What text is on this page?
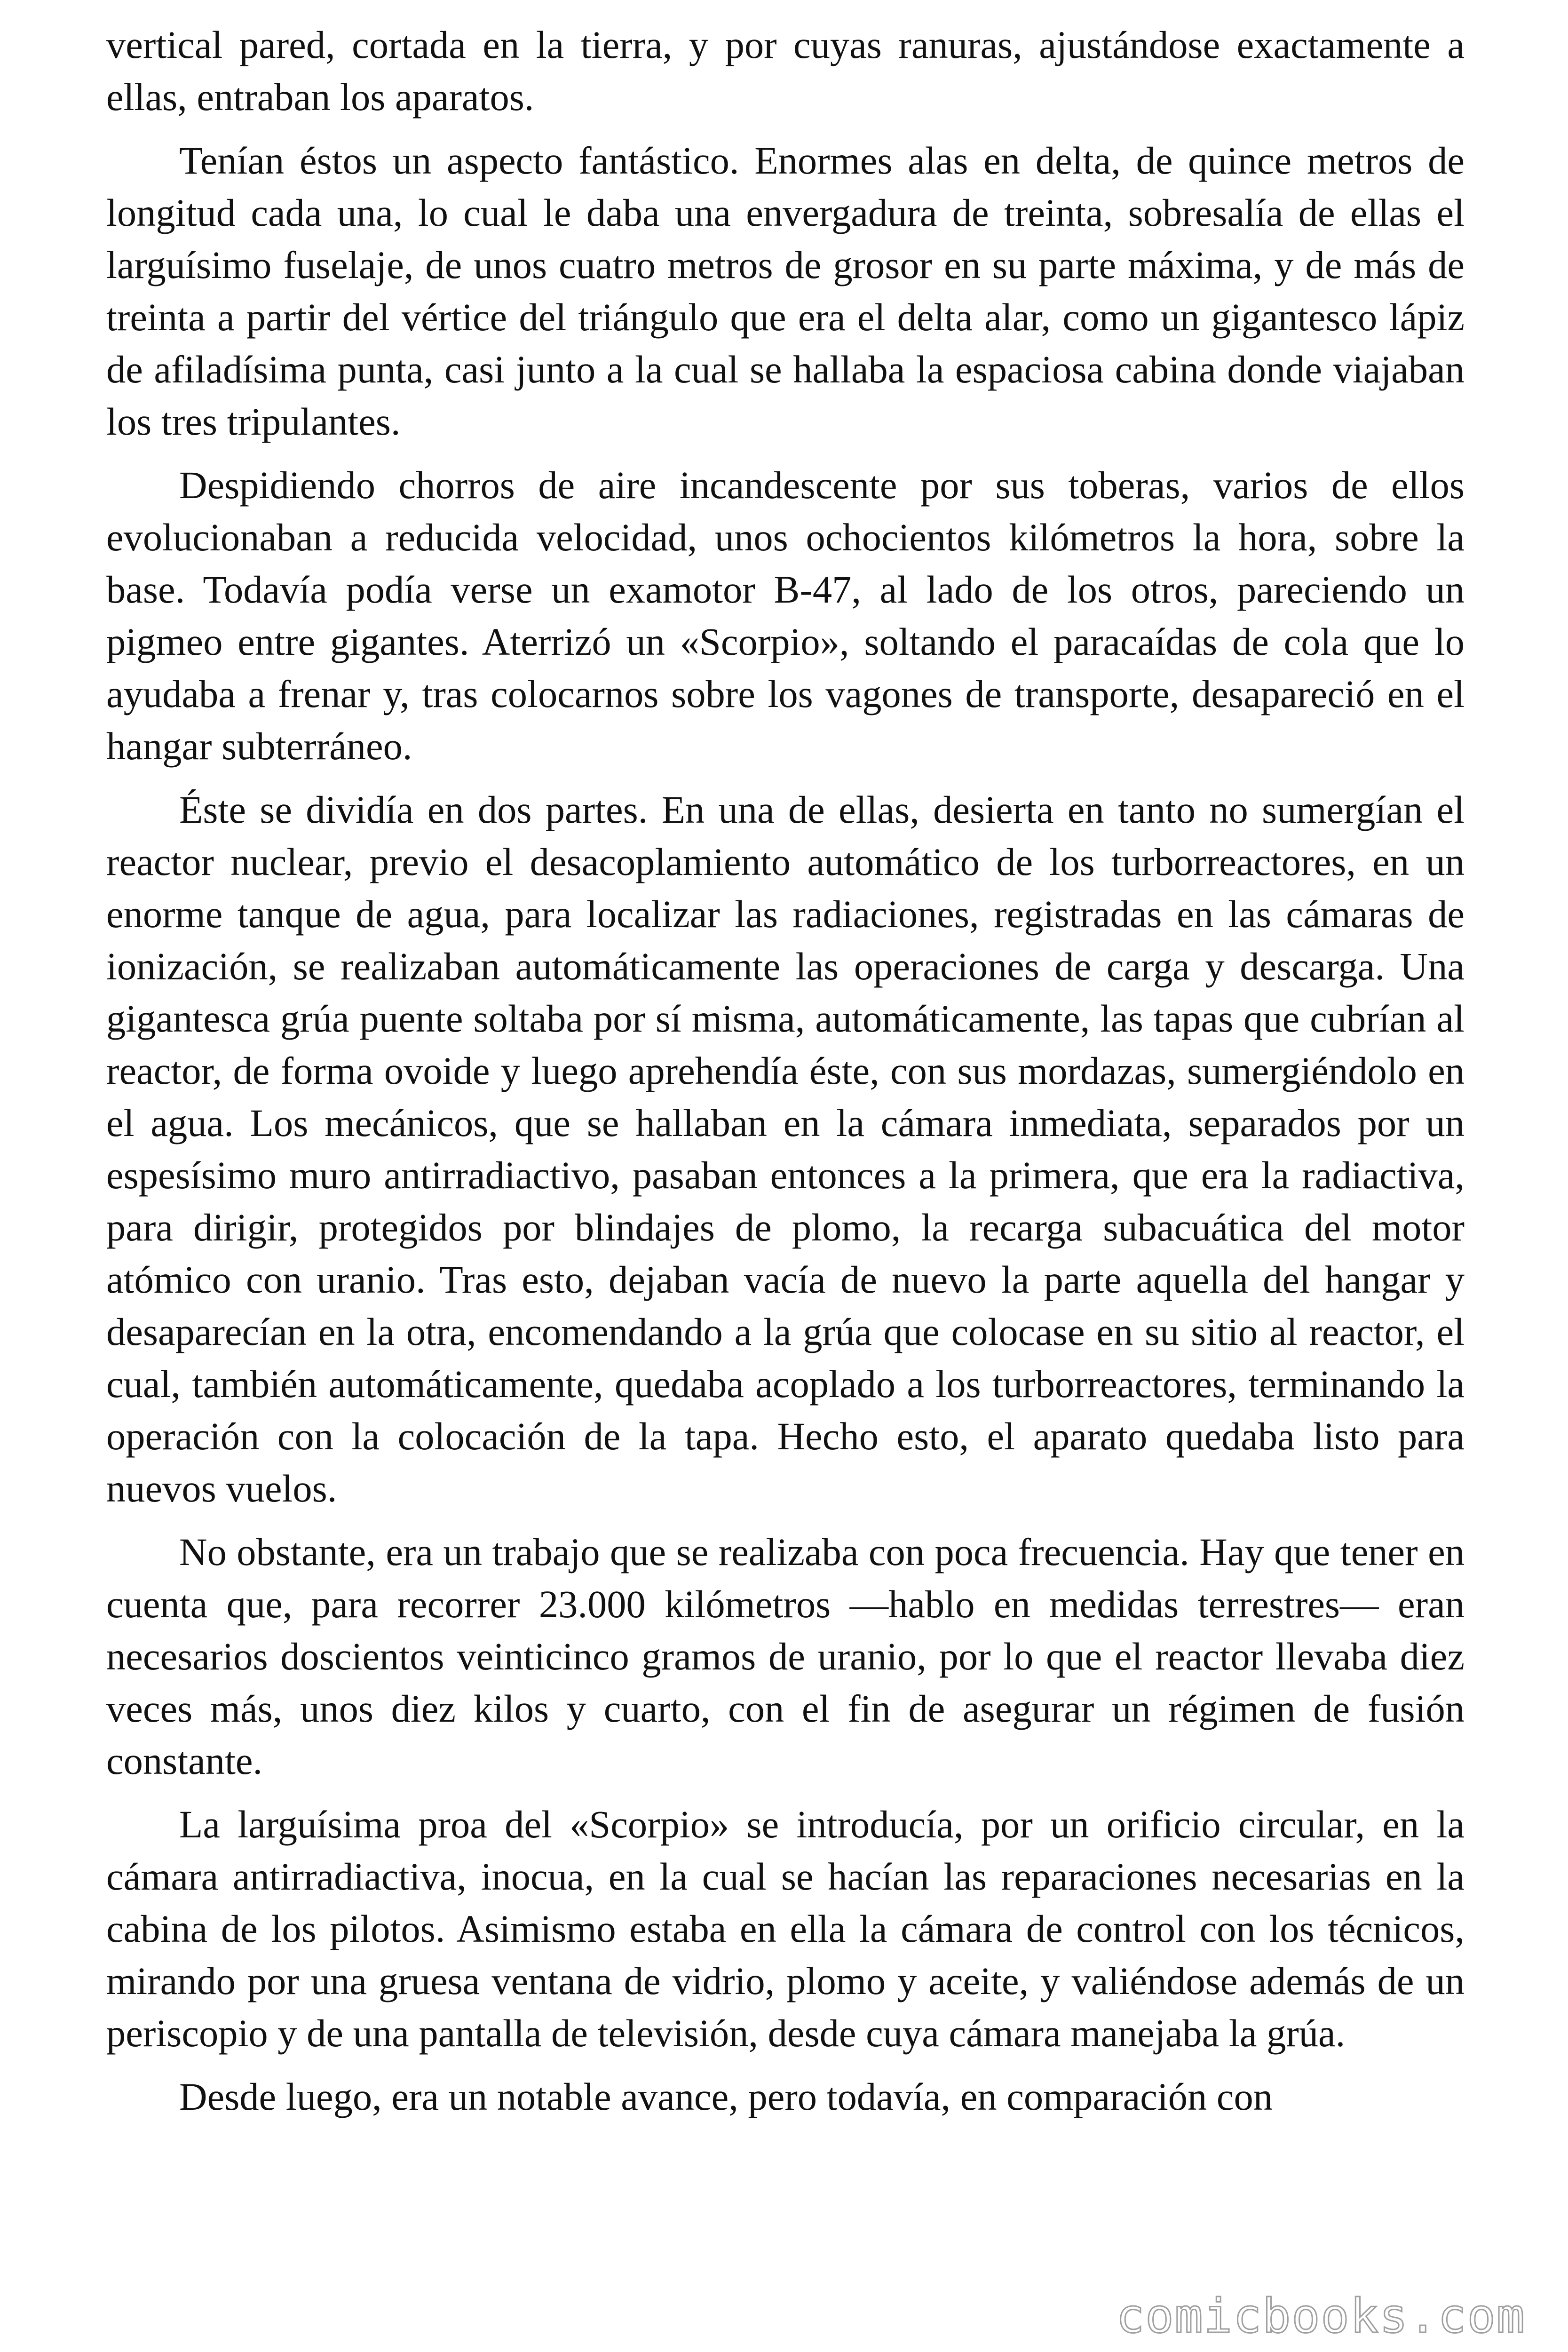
vertical pared, cortada en la tierra, y por cuyas ranuras, ajustándose exactamente a ellas, entraban los aparatos.

Tenían éstos un aspecto fantástico. Enormes alas en delta, de quince metros de longitud cada una, lo cual le daba una envergadura de treinta, sobresalía de ellas el larguísimo fuselaje, de unos cuatro metros de grosor en su parte máxima, y de más de treinta a partir del vértice del triángulo que era el delta alar, como un gigantesco lápiz de afiladísima punta, casi junto a la cual se hallaba la espaciosa cabina donde viajaban los tres tripulantes.

Despidiendo chorros de aire incandescente por sus toberas, varios de ellos evolucionaban a reducida velocidad, unos ochocientos kilómetros la hora, sobre la base. Todavía podía verse un examotor B-47, al lado de los otros, pareciendo un pigmeo entre gigantes. Aterrizó un «Scorpio», soltando el paracaídas de cola que lo ayudaba a frenar y, tras colocarnos sobre los vagones de transporte, desapareció en el hangar subterráneo.

Éste se dividía en dos partes. En una de ellas, desierta en tanto no sumergían el reactor nuclear, previo el desacoplamiento automático de los turborreactores, en un enorme tanque de agua, para localizar las radiaciones, registradas en las cámaras de ionización, se realizaban automáticamente las operaciones de carga y descarga. Una gigantesca grúa puente soltaba por sí misma, automáticamente, las tapas que cubrían al reactor, de forma ovoide y luego aprehendía éste, con sus mordazas, sumergiéndolo en el agua. Los mecánicos, que se hallaban en la cámara inmediata, separados por un espesísimo muro antirradiactivo, pasaban entonces a la primera, que era la radiactiva, para dirigir, protegidos por blindajes de plomo, la recarga subacuática del motor atómico con uranio. Tras esto, dejaban vacía de nuevo la parte aquella del hangar y desaparecían en la otra, encomendando a la grúa que colocase en su sitio al reactor, el cual, también automáticamente, quedaba acoplado a los turborreactores, terminando la operación con la colocación de la tapa. Hecho esto, el aparato quedaba listo para nuevos vuelos.

No obstante, era un trabajo que se realizaba con poca frecuencia. Hay que tener en cuenta que, para recorrer 23.000 kilómetros —hablo en medidas terrestres— eran necesarios doscientos veinticinco gramos de uranio, por lo que el reactor llevaba diez veces más, unos diez kilos y cuarto, con el fin de asegurar un régimen de fusión constante.

La larguísima proa del «Scorpio» se introducía, por un orificio circular, en la cámara antirradiactiva, inocua, en la cual se hacían las reparaciones necesarias en la cabina de los pilotos. Asimismo estaba en ella la cámara de control con los técnicos, mirando por una gruesa ventana de vidrio, plomo y aceite, y valiéndose además de un periscopio y de una pantalla de televisión, desde cuya cámara manejaba la grúa.

Desde luego, era un notable avance, pero todavía, en comparación con

comicbooks.com
